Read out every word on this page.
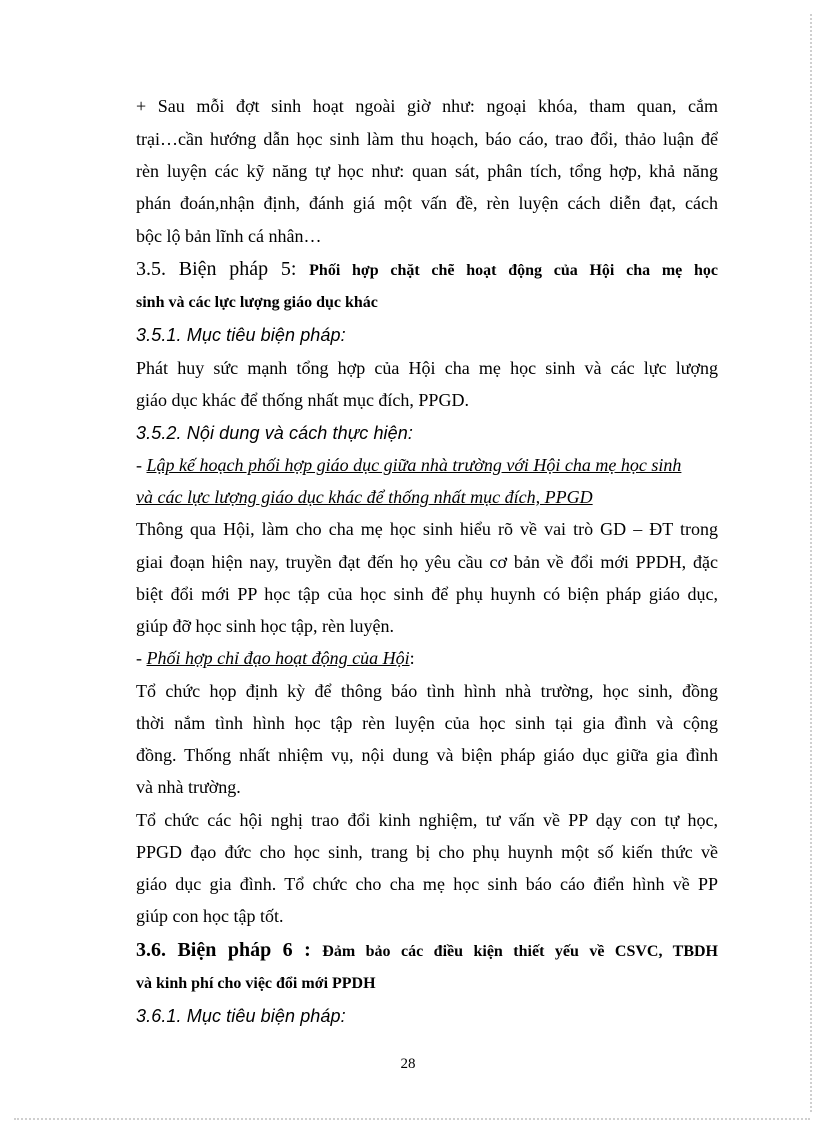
+ Sau mỗi đợt sinh hoạt ngoài giờ như: ngoại khóa, tham quan, cắm
trại…cần hướng dẫn học sinh làm thu hoạch, báo cáo, trao đổi, thảo luận để
rèn luyện các kỹ năng tự học như: quan sát, phân tích, tổng hợp, khả năng
phán đoán,nhận định, đánh giá một vấn đề, rèn luyện cách diễn đạt, cách
bộc lộ bản lĩnh cá nhân…
3.5. Biện pháp 5: Phối hợp chặt chẽ hoạt động của Hội cha mẹ học
sinh và các lực lượng giáo dục khác
3.5.1. Mục tiêu biện pháp:
Phát huy sức mạnh tổng hợp của Hội cha mẹ học sinh và các lực lượng
giáo dục khác để thống nhất mục đích, PPGD.
3.5.2. Nội dung và cách thực hiện:
- Lập kế hoạch phối hợp giáo dục giữa nhà trường với Hội cha mẹ học sinh
và các lực lượng giáo dục khác để thống nhất mục đích, PPGD
Thông qua Hội, làm cho cha mẹ học sinh hiểu rõ về vai trò GD – ĐT trong
giai đoạn hiện nay, truyền đạt đến họ yêu cầu cơ bản về đổi mới PPDH, đặc
biệt đổi mới PP học tập của học sinh để phụ huynh có biện pháp giáo dục,
giúp đỡ học sinh học tập, rèn luyện.
- Phối hợp chỉ đạo hoạt động của Hội:
Tổ chức họp định kỳ để thông báo tình hình nhà trường, học sinh, đồng
thời nắm tình hình học tập rèn luyện của học sinh tại gia đình và cộng
đồng. Thống nhất nhiệm vụ, nội dung và biện pháp giáo dục giữa gia đình
và nhà trường.
Tổ chức các hội nghị trao đổi kinh nghiệm, tư vấn về PP dạy con tự học,
PPGD đạo đức cho học sinh, trang bị cho phụ huynh một số kiến thức về
giáo dục gia đình. Tổ chức cho cha mẹ học sinh báo cáo điển hình về PP
giúp con học tập tốt.
3.6. Biện pháp 6 : Đảm bảo các điều kiện thiết yếu về CSVC, TBDH
và kinh phí cho việc đổi mới PPDH
3.6.1. Mục tiêu biện pháp:
28
